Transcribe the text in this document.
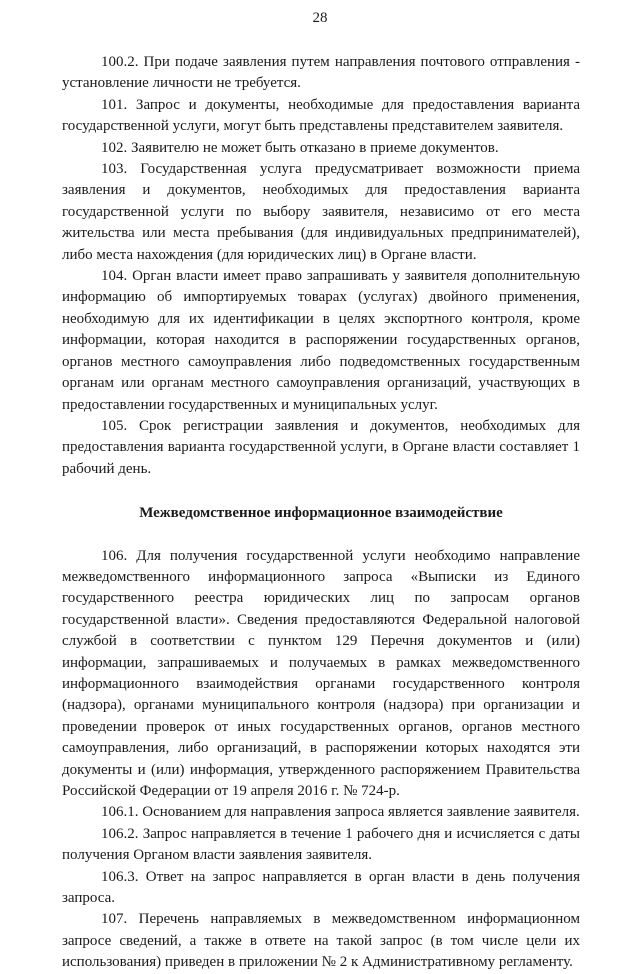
28

100.2. При подаче заявления путем направления почтового отправления - установление личности не требуется.

101. Запрос и документы, необходимые для предоставления варианта государственной услуги, могут быть представлены представителем заявителя.

102. Заявителю не может быть отказано в приеме документов.

103. Государственная услуга предусматривает возможности приема заявления и документов, необходимых для предоставления варианта государственной услуги по выбору заявителя, независимо от его места жительства или места пребывания (для индивидуальных предпринимателей), либо места нахождения (для юридических лиц) в Органе власти.

104. Орган власти имеет право запрашивать у заявителя дополнительную информацию об импортируемых товарах (услугах) двойного применения, необходимую для их идентификации в целях экспортного контроля, кроме информации, которая находится в распоряжении государственных органов, органов местного самоуправления либо подведомственных государственным органам или органам местного самоуправления организаций, участвующих в предоставлении государственных и муниципальных услуг.

105. Срок регистрации заявления и документов, необходимых для предоставления варианта государственной услуги, в Органе власти составляет 1 рабочий день.

Межведомственное информационное взаимодействие

106. Для получения государственной услуги необходимо направление межведомственного информационного запроса «Выписки из Единого государственного реестра юридических лиц по запросам органов государственной власти». Сведения предоставляются Федеральной налоговой службой в соответствии с пунктом 129 Перечня документов и (или) информации, запрашиваемых и получаемых в рамках межведомственного информационного взаимодействия органами государственного контроля (надзора), органами муниципального контроля (надзора) при организации и проведении проверок от иных государственных органов, органов местного самоуправления, либо организаций, в распоряжении которых находятся эти документы и (или) информация, утвержденного распоряжением Правительства Российской Федерации от 19 апреля 2016 г. № 724-р.

106.1. Основанием для направления запроса является заявление заявителя.

106.2. Запрос направляется в течение 1 рабочего дня и исчисляется с даты получения Органом власти заявления заявителя.

106.3. Ответ на запрос направляется в орган власти в день получения запроса.

107. Перечень направляемых в межведомственном информационном запросе сведений, а также в ответе на такой запрос (в том числе цели их использования) приведен в приложении № 2 к Административному регламенту.
